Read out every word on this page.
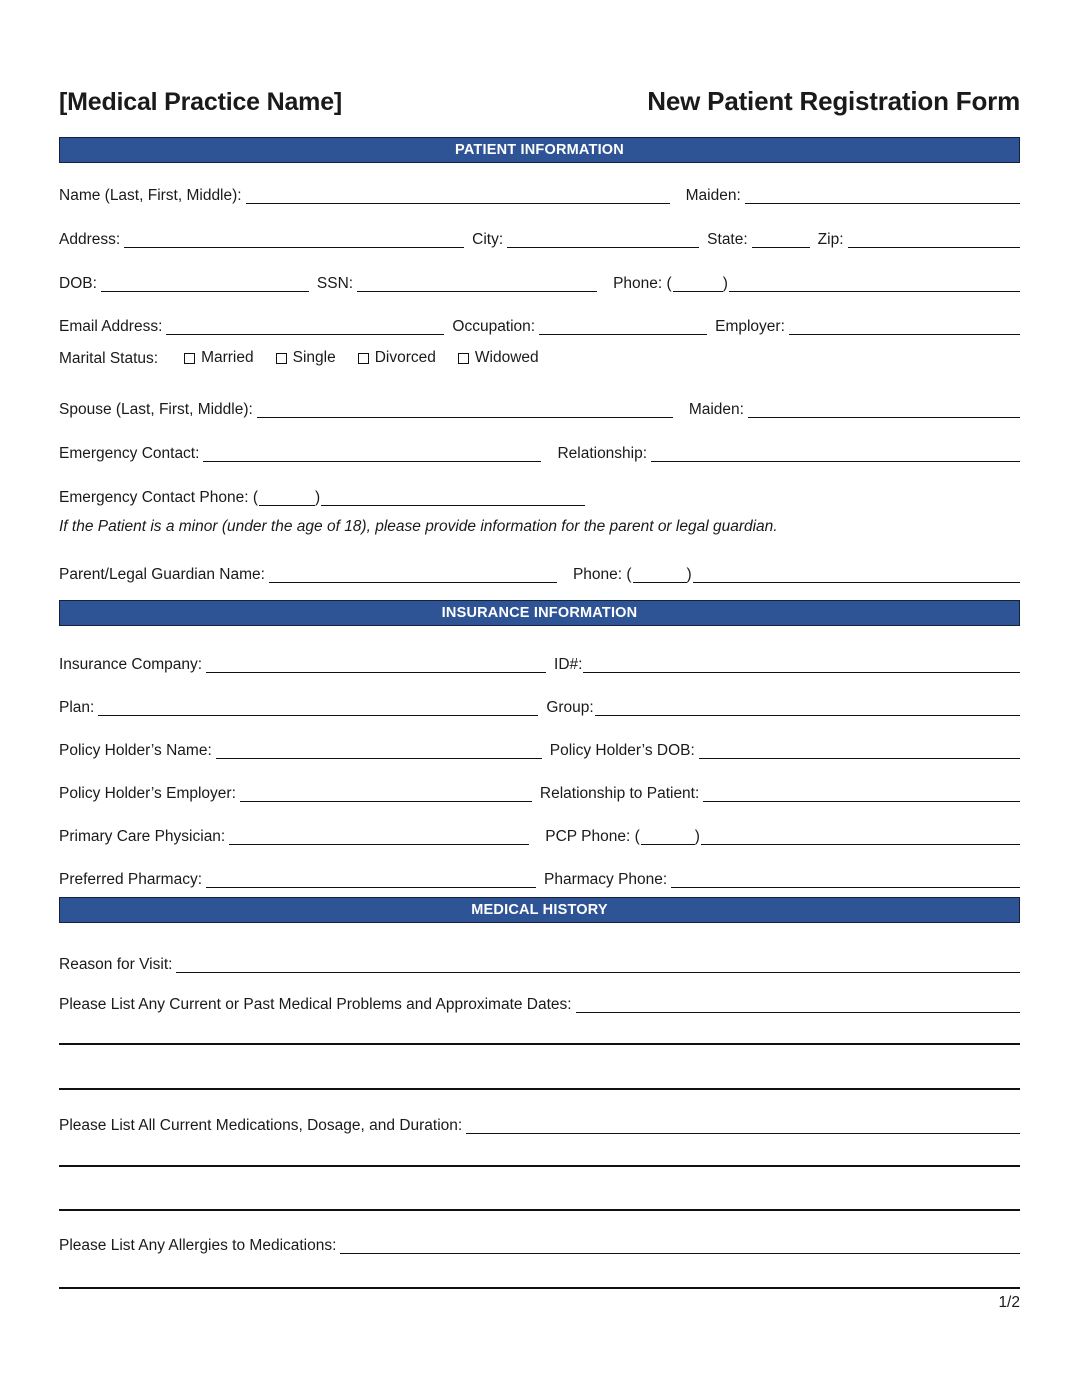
[Medical Practice Name]	New Patient Registration Form
PATIENT INFORMATION
Name (Last, First, Middle):	Maiden:
Address:	City:	State:	Zip:
DOB:	SSN:	Phone: (	)
Email Address:	Occupation:	Employer:
Marital Status:	Married	Single	Divorced	Widowed
Spouse (Last, First, Middle):	Maiden:
Emergency Contact:	Relationship:
Emergency Contact Phone: (	)
If the Patient is a minor (under the age of 18), please provide information for the parent or legal guardian.
Parent/Legal Guardian Name:	Phone: (	)
INSURANCE INFORMATION
Insurance Company:	ID#:
Plan:	Group:
Policy Holder’s Name:	Policy Holder’s DOB:
Policy Holder’s Employer:	Relationship to Patient:
Primary Care Physician:	PCP Phone: (	)
Preferred Pharmacy:	Pharmacy Phone:
MEDICAL HISTORY
Reason for Visit:
Please List Any Current or Past Medical Problems and Approximate Dates:
Please List All Current Medications, Dosage, and Duration:
Please List Any Allergies to Medications:
1/2
